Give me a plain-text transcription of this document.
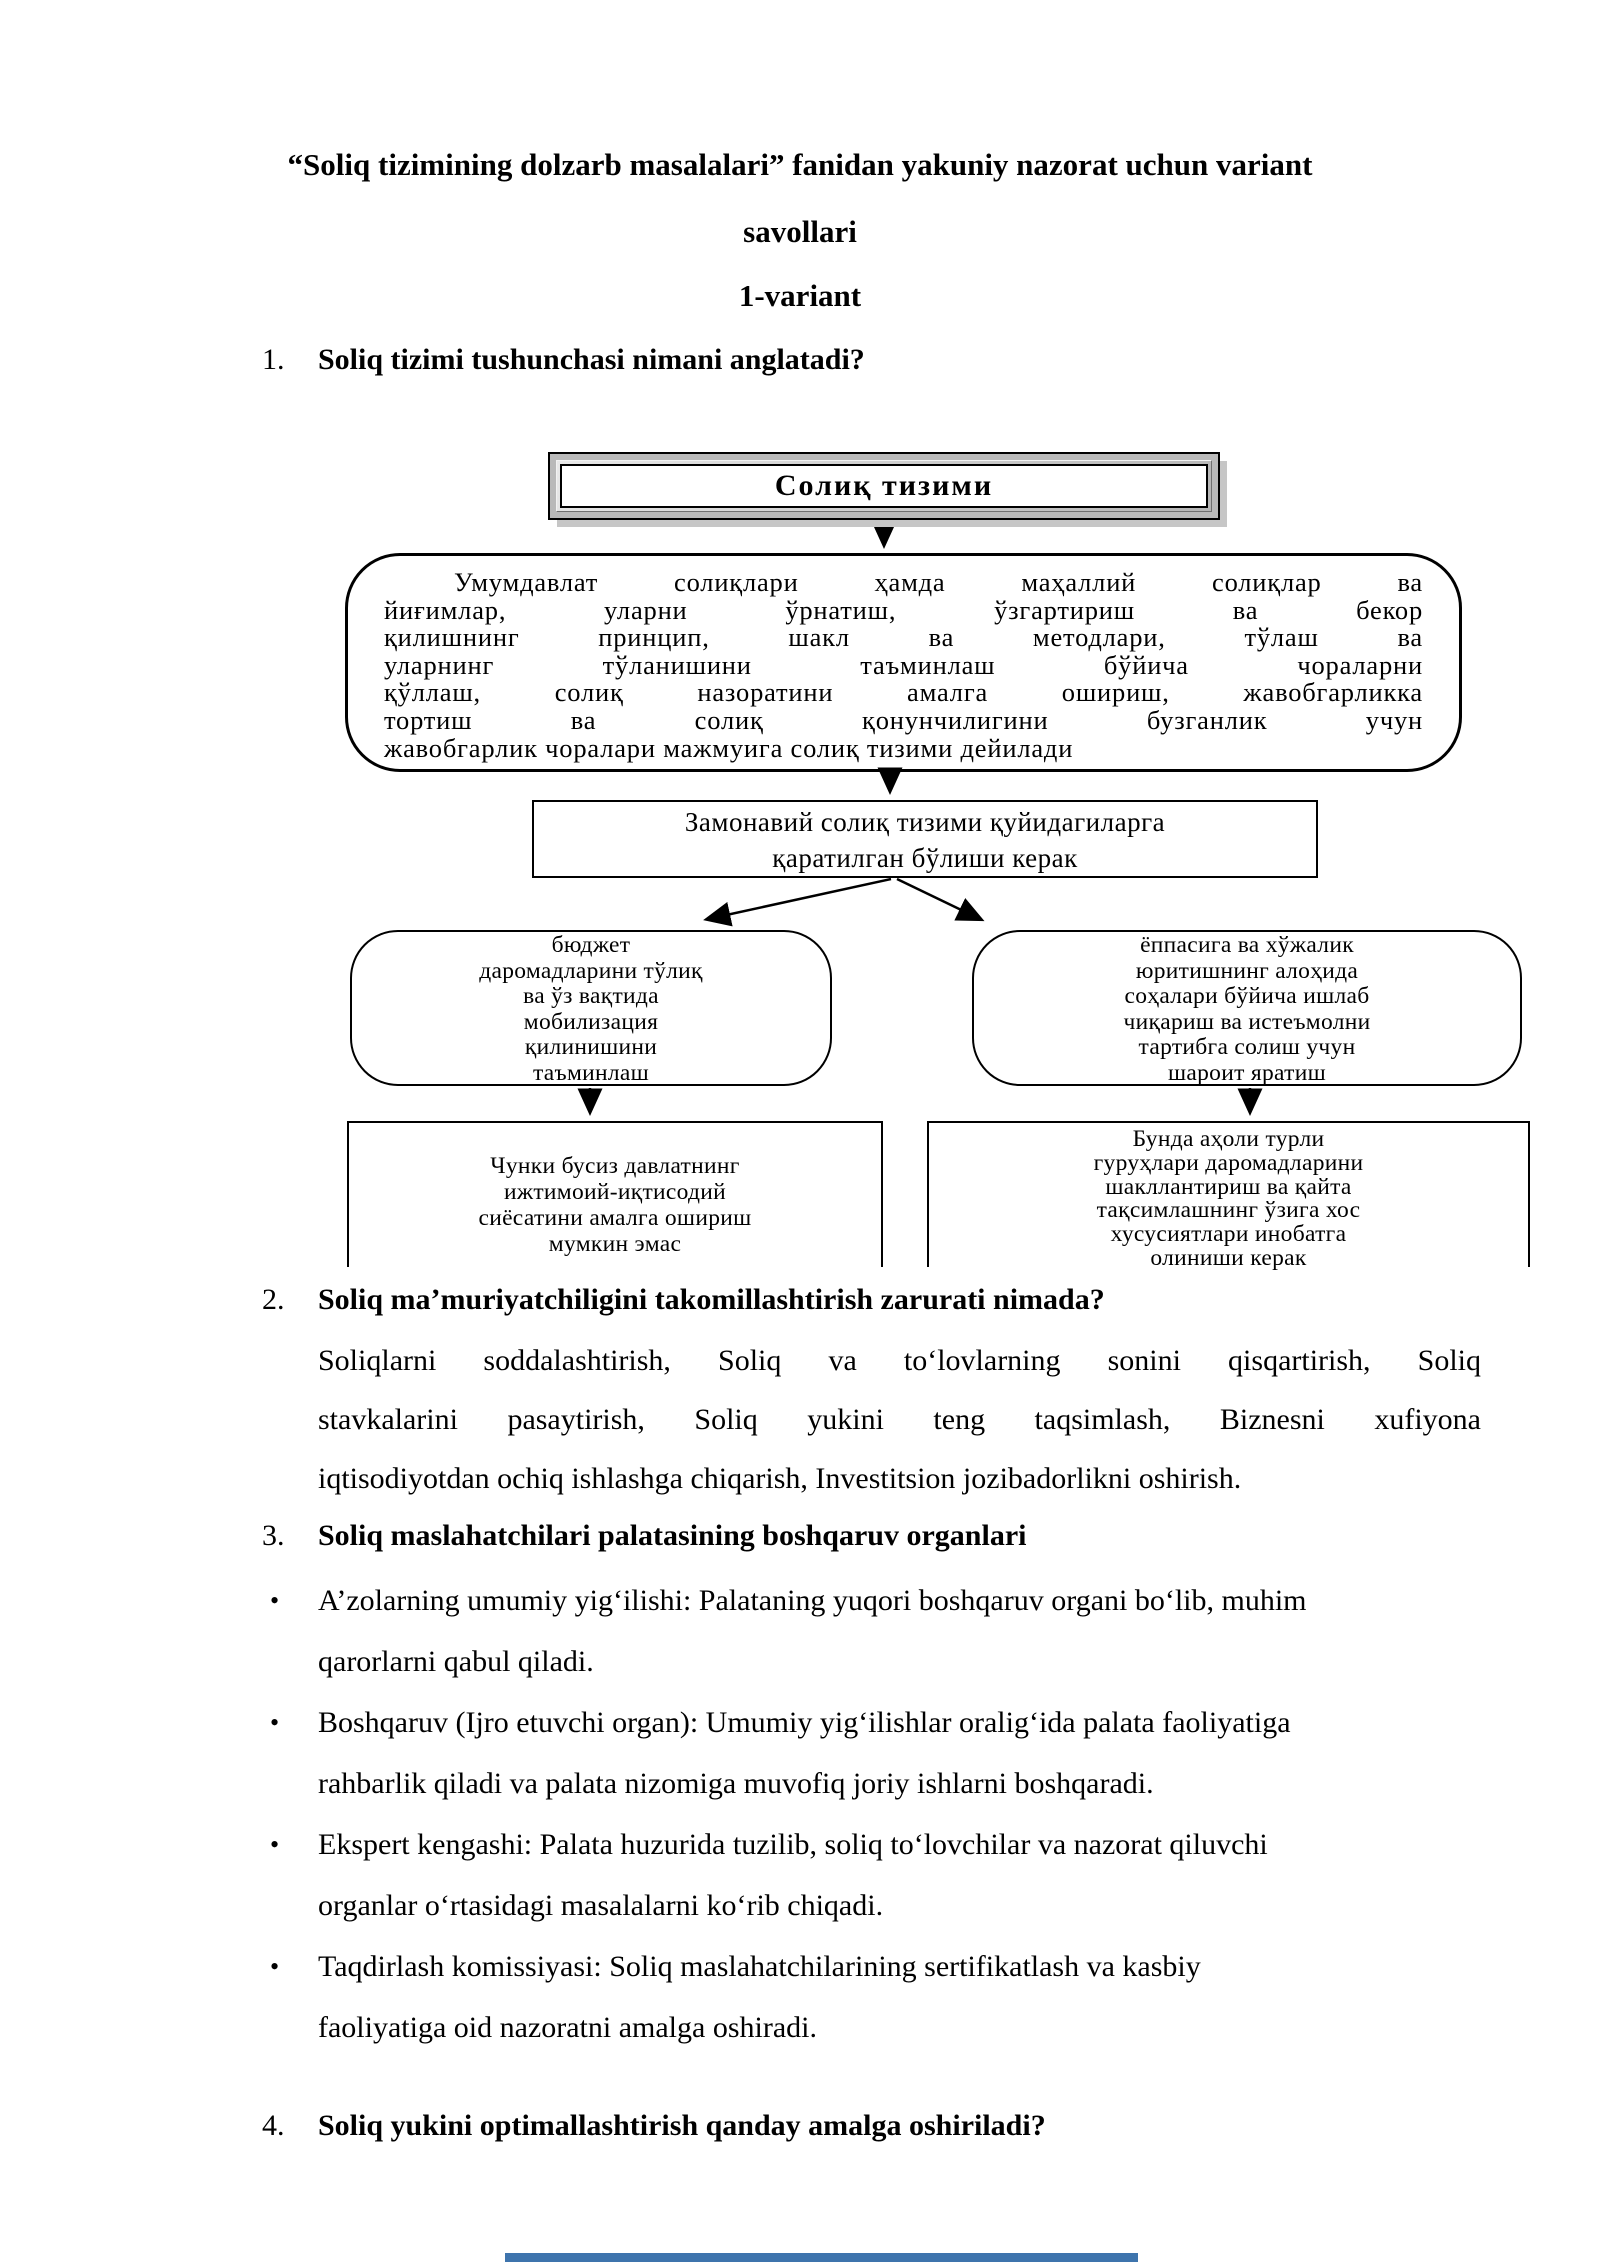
“Soliq tizimining dolzarb masalalari” fanidan yakuniy nazorat uchun variant
savollari
1-variant
1. Soliq tizimi tushunchasi nimani anglatadi?
Солиқ тизими
Умумдавлат солиқлари ҳамда маҳаллий солиқлар ва
йиғимлар, уларни ўрнатиш, ўзгартириш ва бекор
қилишнинг принцип, шакл ва методлари, тўлаш ва
уларнинг тўланишини таъминлаш бўйича чораларни
қўллаш, солиқ назоратини амалга ошириш, жавобгарликка
тортиш ва солиқ қонунчилигини бузганлик учун
жавобгарлик чоралари мажмуига солиқ тизими дейилади
Замонавий солиқ тизими қуйидагиларга
қаратилган бўлиши керак
бюджет
даромадларини тўлиқ
ва ўз вақтида
мобилизация
қилинишини
таъминлаш
ёппасига ва хўжалик
юритишнинг алоҳида
соҳалари бўйича ишлаб
чиқариш ва истеъмолни
тартибга солиш учун
шароит яратиш
Чунки бусиз давлатнинг
ижтимоий-иқтисодий
сиёсатини амалга ошириш
мумкин эмас
Бунда аҳоли турли
гуруҳлари даромадларини
шакллантириш ва қайта
тақсимлашнинг ўзига хос
хусусиятлари инобатга
олиниши керак
2. Soliq ma’muriyatchiligini takomillashtirish zarurati nimada?
Soliqlarni soddalashtirish, Soliq va to‘lovlarning sonini qisqartirish, Soliq
stavkalarini pasaytirish, Soliq yukini teng taqsimlash, Biznesni xufiyona
iqtisodiyotdan ochiq ishlashga chiqarish, Investitsion jozibadorlikni oshirish.
3. Soliq maslahatchilari palatasining boshqaruv organlari
• A’zolarning umumiy yig‘ilishi: Palataning yuqori boshqaruv organi bo‘lib, muhim
qarorlarni qabul qiladi.
• Boshqaruv (Ijro etuvchi organ): Umumiy yig‘ilishlar oralig‘ida palata faoliyatiga
rahbarlik qiladi va palata nizomiga muvofiq joriy ishlarni boshqaradi.
• Ekspert kengashi: Palata huzurida tuzilib, soliq to‘lovchilar va nazorat qiluvchi
organlar o‘rtasidagi masalalarni ko‘rib chiqadi.
• Taqdirlash komissiyasi: Soliq maslahatchilarining sertifikatlash va kasbiy
faoliyatiga oid nazoratni amalga oshiradi.
4. Soliq yukini optimallashtirish qanday amalga oshiriladi?
